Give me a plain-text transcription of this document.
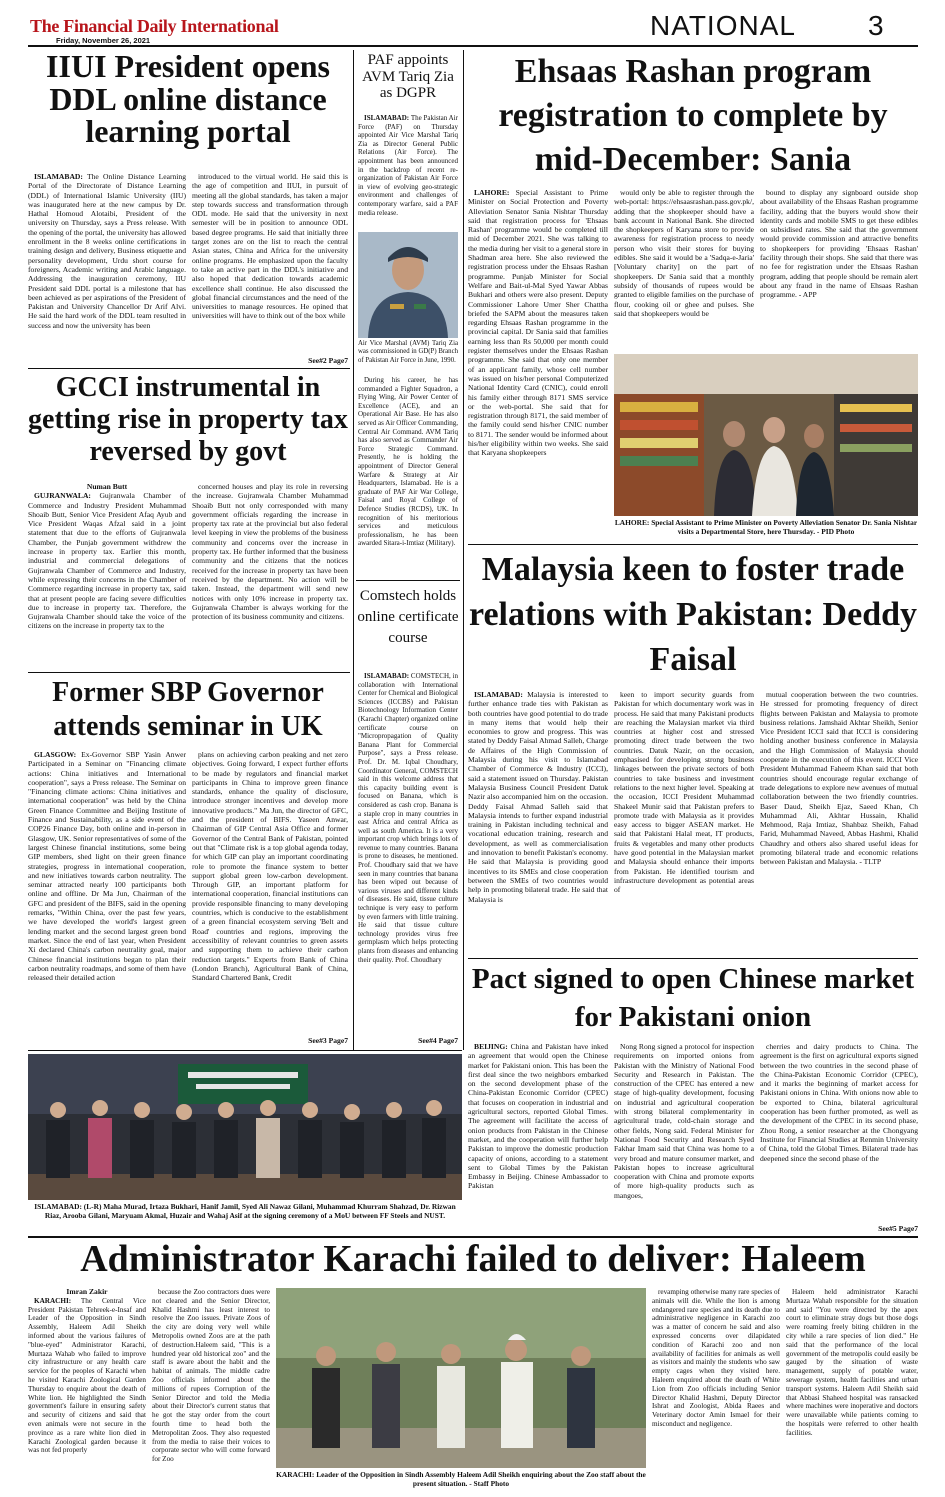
The Financial Daily International
Friday, November 26, 2021	NATIONAL	3
IIUI President opens DDL online distance learning portal

ISLAMABAD: The Online Distance Learning Portal of the Directorate of Distance Learning (DDL) of International Islamic University (IIU) was inaugurated here at the new campus by Dr. Hathal Homoud Alotaibi, President of the university on Thursday, says a Press release. With the opening of the portal, the university has allowed enrollment in the 8 weeks online certifications in training design and delivery, Business etiquette and personality development, Urdu short course for foreigners, Academic writing and Arabic language. Addressing the inauguration ceremony, IIU President said DDL portal is a milestone that has been achieved as per aspirations of the President of Pakistan and University Chancellor Dr Arif Alvi. He said the hard work of the DDL team resulted in success and now the university has been

introduced to the virtual world. He said this is the age of competition and IIUI, in pursuit of meeting all the global standards, has taken a major step towards success and transformation through ODL mode. He said that the university in next semester will be in position to announce ODL based degree programs. He said that initially three target zones are on the list to reach the central Asian states, China and Africa for the university online programs. He emphasized upon the faculty to take an active part in the DDL's initiative and also hoped that dedication towards academic excellence shall continue. He also discussed the global financial circumstances and the need of the universities to manage resources. He opined that universities will have to think out of the box while

See#2 Page7
PAF appoints AVM Tariq Zia as DGPR

ISLAMABAD: The Pakistan Air Force (PAF) on Thursday appointed Air Vice Marshal Tariq Zia as Director General Public Relations (Air Force). The appointment has been announced in the backdrop of recent re-organization of Pakistan Air Force in view of evolving geo-strategic environment and challenges of contemporary warfare, said a PAF media release.

Air Vice Marshal (AVM) Tariq Zia was commissioned in GD(P) Branch of Pakistan Air Force in June, 1990.

During his career, he has commanded a Fighter Squadron, a Flying Wing, Air Power Center of Excellence (ACE), and an Operational Air Base. He has also served as Air Officer Commanding, Central Air Command. AVM Tariq has also served as Commander Air Force Strategic Command. Presently, he is holding the appointment of Director General Warfare & Strategy at Air Headquarters, Islamabad. He is a graduate of PAF Air War College, Faisal and Royal College of Defence Studies (RCDS), UK. In recognition of his meritorious services and meticulous professionalism, he has been awarded Sitara-i-Imtiaz (Military).

Comstech holds online certificate course

ISLAMABAD: COMSTECH, in collaboration with International Center for Chemical and Biological Sciences (ICCBS) and Pakistan Biotechnology Information Center (Karachi Chapter) organized online certificate course on "Micropropagation of Quality Banana Plant for Commercial Purpose", says a Press release. Prof. Dr. M. Iqbal Choudhary, Coordinator General, COMSTECH said in this welcome address that this capacity building event is focused on Banana, which is considered as cash crop. Banana is a staple crop in many countries in east Africa and central Africa as well as south America. It is a very important crop which brings lots of revenue to many countries. Banana is prone to diseases, he mentioned. Prof. Choudhary said that we have seen in many countries that banana has been wiped out because of various viruses and different kinds of diseases. He said, tissue culture technique is very easy to perform by even farmers with little training. He said that tissue culture technology provides virus free germplasm which helps protecting plants from diseases and enhancing their quality. Prof. Choudhary

See#4 Page7
GCCI instrumental in getting rise in property tax reversed by govt
Numan Butt

GUJRANWALA: Gujranwala Chamber of Commerce and Industry President Muhammad Shoaib Butt, Senior Vice President Afaq Ayub and Vice President Waqas Afzal said in a joint statement that due to the efforts of Gujranwala Chamber, the Punjab government withdrew the increase in property tax. Earlier this month, industrial and commercial delegations of Gujranwala Chamber of Commerce and Industry, while expressing their concerns in the Chamber of Commerce regarding increase in property tax, said that at present people are facing severe difficulties due to increase in property tax. Therefore, the Gujranwala Chamber should take the voice of the citizens on the increase in property tax to the

concerned houses and play its role in reversing the increase. Gujranwala Chamber Muhammad Shoaib Butt not only corresponded with many government officials regarding the increase in property tax rate at the provincial but also federal level keeping in view the problems of the business community and concerns over the increase in property tax. He further informed that the business community and the citizens that the notices received for the increase in property tax have been received by the department. No action will be taken. Instead, the department will send new notices with only 10% increase in property tax. Gujranwala Chamber is always working for the protection of its business community and citizens.

Former SBP Governor attends seminar in UK

GLASGOW: Ex-Governor SBP Yasin Anwer Participated in a Seminar on "Financing climate actions: China initiatives and International cooperation", says a Press release. The Seminar on "Financing climate actions: China initiatives and international cooperation" was held by the China Green Finance Committee and Beijing Institute of Finance and Sustainability, as a side event of the COP26 Finance Day, both online and in-person in Glasgow, UK. Senior representatives of some of the largest Chinese financial institutions, some being GIP members, shed light on their green finance strategies, progress in international cooperation, and new initiatives towards carbon neutrality. The seminar attracted nearly 100 participants both online and offline. Dr Ma Jun, Chairman of the GFC and president of the BIFS, said in the opening remarks, "Within China, over the past few years, we have developed the world's largest green lending market and the second largest green bond market. Since the end of last year, when President Xi declared China's carbon neutrality goal, major Chinese financial institutions began to plan their carbon neutrality roadmaps, and some of them have released their detailed action

plans on achieving carbon peaking and net zero objectives. Going forward, I expect further efforts to be made by regulators and financial market participants in China to improve green finance standards, enhance the quality of disclosure, introduce stronger incentives and develop more innovative products." Ma Jun, the director of GFC, and the president of BIFS. Yaseen Anwar, Chairman of GIP Central Asia Office and former Governor of the Central Bank of Pakistan, pointed out that "Climate risk is a top global agenda today, for which GIP can play an important coordinating role to promote the finance system to better support global green low-carbon development. Through GIP, an important platform for international cooperation, financial institutions can provide responsible financing to many developing countries, which is conducive to the establishment of a green financial ecosystem serving 'Belt and Road' countries and regions, improving the accessibility of relevant countries to green assets and supporting them to achieve their carbon reduction targets." Experts from Bank of China (London Branch), Agricultural Bank of China, Standard Chartered Bank, Credit

See#3 Page7
Ehsaas Rashan program registration to complete by mid-December: Sania

LAHORE: Special Assistant to Prime Minister on Social Protection and Poverty Alleviation Senator Sania Nishtar Thursday said that registration process for 'Ehsaas Rashan' programme would be completed till mid of December 2021. She was talking to the media during her visit to a general store in Shadman area here. She also reviewed the registration process under the Ehsaas Rashan programme. Punjab Minister for Social Welfare and Bait-ul-Mal Syed Yawar Abbas Bukhari and others were also present. Deputy Commissioner Lahore Umer Sher Chattha briefed the SAPM about the measures taken regarding Ehsaas Rashan programme in the provincial capital. Dr Sania said that families earning less than Rs 50,000 per month could register themselves under the Ehsaas Rashan programme. She said that only one member of an applicant family, whose cell number was issued on his/her personal Computerized National Identity Card (CNIC), could enroll his family either through 8171 SMS service or the web-portal. She said that for registration through 8171, the said member of the family could send his/her CNIC number to 8171. The sender would be informed about his/her eligibility within two weeks. She said that Karyana shopkeepers

would only be able to register through the web-portal: https://ehsaasrashan.pass.gov.pk/, adding that the shopkeeper should have a bank account in National Bank. She directed the shopkeepers of Karyana store to provide awareness for registration process to needy person who visit their stores for buying edibles. She said it would be a 'Sadqa-e-Jaria' [Voluntary charity] on the part of shopkeepers. Dr Sania said that a monthly subsidy of thousands of rupees would be granted to eligible families on the purchase of flour, cooking oil or ghee and pulses. She said that shopkeepers would be

bound to display any signboard outside shop about availability of the Ehsaas Rashan programme facility, adding that the buyers would show their identity cards and mobile SMS to get these edibles on subsidised rates. She said that the government would provide commission and attractive benefits to shopkeepers for providing 'Ehsaas Rashan' facility through their shops. She said that there was no fee for registration under the Ehsaas Rashan program, adding that people should be remain alert about any fraud in the name of Ehsaas Rashan programme. - APP

LAHORE: Special Assistant to Prime Minister on Poverty Alleviation Senator Dr. Sania Nishtar visits a Departmental Store, here Thursday. - PID Photo
Malaysia keen to foster trade relations with Pakistan: Deddy Faisal

ISLAMABAD: Malaysia is interested to further enhance trade ties with Pakistan as both countries have good potential to do trade in many items that would help their economies to grow and progress. This was stated by Deddy Faisal Ahmad Salleh, Charge de Affaires of the High Commission of Malaysia during his visit to Islamabad Chamber of Commerce & Industry (ICCI), said a statement issued on Thursday. Pakistan Malaysia Business Council President Datuk Nazir also accompanied him on the occasion. Deddy Faisal Ahmad Salleh said that Malaysia intends to further expand industrial training in Pakistan including technical and vocational education training, research and development, as well as commercialisation and innovation to benefit Pakistan's economy. He said that Malaysia is providing good incentives to its SMEs and close cooperation between the SMEs of two countries would help in promoting bilateral trade. He said that Malaysia is

keen to import security guards from Pakistan for which documentary work was in process. He said that many Pakistani products are reaching the Malaysian market via third countries at higher cost and stressed promoting direct trade between the two countries. Datuk Nazir, on the occasion, emphasised for developing strong business linkages between the private sectors of both countries to take business and investment relations to the next higher level. Speaking at the occasion, ICCI President Muhammad Shakeel Munir said that Pakistan prefers to promote trade with Malaysia as it provides easy access to bigger ASEAN market. He said that Pakistani Halal meat, IT products, fruits & vegetables and many other products have good potential in the Malaysian market and Malaysia should enhance their imports from Pakistan. He identified tourism and infrastructure development as potential areas of

mutual cooperation between the two countries. He stressed for promoting frequency of direct flights between Pakistan and Malaysia to promote business relations. Jamshaid Akhtar Sheikh, Senior Vice President ICCI said that ICCI is considering holding another business conference in Malaysia and the High Commission of Malaysia should cooperate in the execution of this event. ICCI Vice President Muhammad Faheem Khan said that both countries should encourage regular exchange of trade delegations to explore new avenues of mutual collaboration between the two friendly countries. Baser Daud, Sheikh Ejaz, Saeed Khan, Ch Muhammad Ali, Akhtar Hussain, Khalid Mehmood, Raja Imtiaz, Shahbaz Sheikh, Fahad Farid, Muhammad Naveed, Abbas Hashmi, Khalid Chaudhry and others also shared useful ideas for promoting bilateral trade and economic relations between Pakistan and Malaysia. - TLTP

Pact signed to open Chinese market for Pakistani onion

BEIJING: China and Pakistan have inked an agreement that would open the Chinese market for Pakistani onion. This has been the first deal since the two neighbors embarked on the second development phase of the China-Pakistan Economic Corridor (CPEC) that focuses on cooperation in industrial and agricultural sectors, reported Global Times. The agreement will facilitate the access of onion products from Pakistan in the Chinese market, and the cooperation will further help Pakistan to improve the domestic production capacity of onions, according to a statement sent to Global Times by the Pakistan Embassy in Beijing. Chinese Ambassador to Pakistan

Nong Rong signed a protocol for inspection requirements on imported onions from Pakistan with the Ministry of National Food Security and Research in Pakistan. The construction of the CPEC has entered a new stage of high-quality development, focusing on industrial and agricultural cooperation with strong bilateral complementarity in agricultural trade, cold-chain storage and other fields, Nong said. Federal Minister for National Food Security and Research Syed Fakhar Imam said that China was home to a very broad and mature consumer market, and Pakistan hopes to increase agricultural cooperation with China and promote exports of more high-quality products such as mangoes,

cherries and dairy products to China. The agreement is the first on agricultural exports signed between the two countries in the second phase of the China-Pakistan Economic Corridor (CPEC), and it marks the beginning of market access for Pakistani onions in China. With onions now able to be exported to China, bilateral agricultural cooperation has been further promoted, as well as the development of the CPEC in its second phase, Zhou Rong, a senior researcher at the Chongyang Institute for Financial Studies at Renmin University of China, told the Global Times. Bilateral trade has deepened since the second phase of the

See#5 Page7
ISLAMABAD: (L-R) Maha Murad, Irtaza Bukhari, Hanif Jamil, Syed Ali Nawaz Gilani, Muhammad Khurram Shahzad, Dr. Rizwan Riaz, Arooba Gilani, Maryuam Akmal, Huzair and Wahaj Asif at the signing ceremony of a MoU between FF Steels and NUST.
Administrator Karachi failed to deliver: Haleem
Imran Zakir

KARACHI: The Central Vice President Pakistan Tehreek-e-Insaf and Leader of the Opposition in Sindh Assembly, Haleem Adil Sheikh informed about the various failures of "blue-eyed" Administrator Karachi, Murtaza Wahab who failed to improve city infrastructure or any health care service for the peoples of Karachi when he visited Karachi Zoological Garden Thursday to enquire about the death of White lion. He highlighted the Sindh government's failure in ensuring safety and security of citizens and said that even animals were not secure in the province as a rare white lion died in Karachi Zoological garden because it was not fed properly

because the Zoo contractors dues were not cleared and the Senior Director, Khalid Hashmi has least interest to resolve the Zoo issues. Private Zoos of the city are doing very well while Metropolis owned Zoos are at the path of destruction.Haleem said, "This is a hundred year old historical zoo" and the staff is aware about the habit and the habitat of animals. The middle cadre Zoo officials informed about the millions of rupees Corruption of the Senior Director and told the Media about their Director's current status that he got the stay order from the court fourth time to head both the Metropolitan Zoos. They also requested from the media to raise their voices to corporate sector who will come forward for Zoo

KARACHI: Leader of the Opposition in Sindh Assembly Haleem Adil Sheikh enquiring about the Zoo staff about the present situation. - Staff Photo

revamping otherwise many rare species of animals will die. While the lion is among endangered rare species and its death due to administrative negligence in Karachi zoo was a matter of concern he said and also expressed concerns over dilapidated condition of Karachi zoo and non availability of facilities for animals as well as visitors and mainly the students who saw empty cages when they visited here. Haleem enquired about the death of White Lion from Zoo officials including Senior Director Khalid Hashmi, Deputy Director Ishrat and Zoologist, Abida Raees and Veterinary doctor Amin Ismael for their misconduct and negligence.

Haleem held administrator Karachi Murtaza Wahab responsible for the situation and said "You were directed by the apex court to eliminate stray dogs but those dogs were roaming freely biting children in the city while a rare species of lion died." He said that the performance of the local government of the metropolis could easily be gauged by the situation of waste management, supply of potable water, sewerage system, health facilities and urban transport systems. Haleem Adil Sheikh said that Abbasi Shaheed hospital was ransacked where machines were inoperative and doctors were unavailable while patients coming to the hospitals were referred to other health facilities.
